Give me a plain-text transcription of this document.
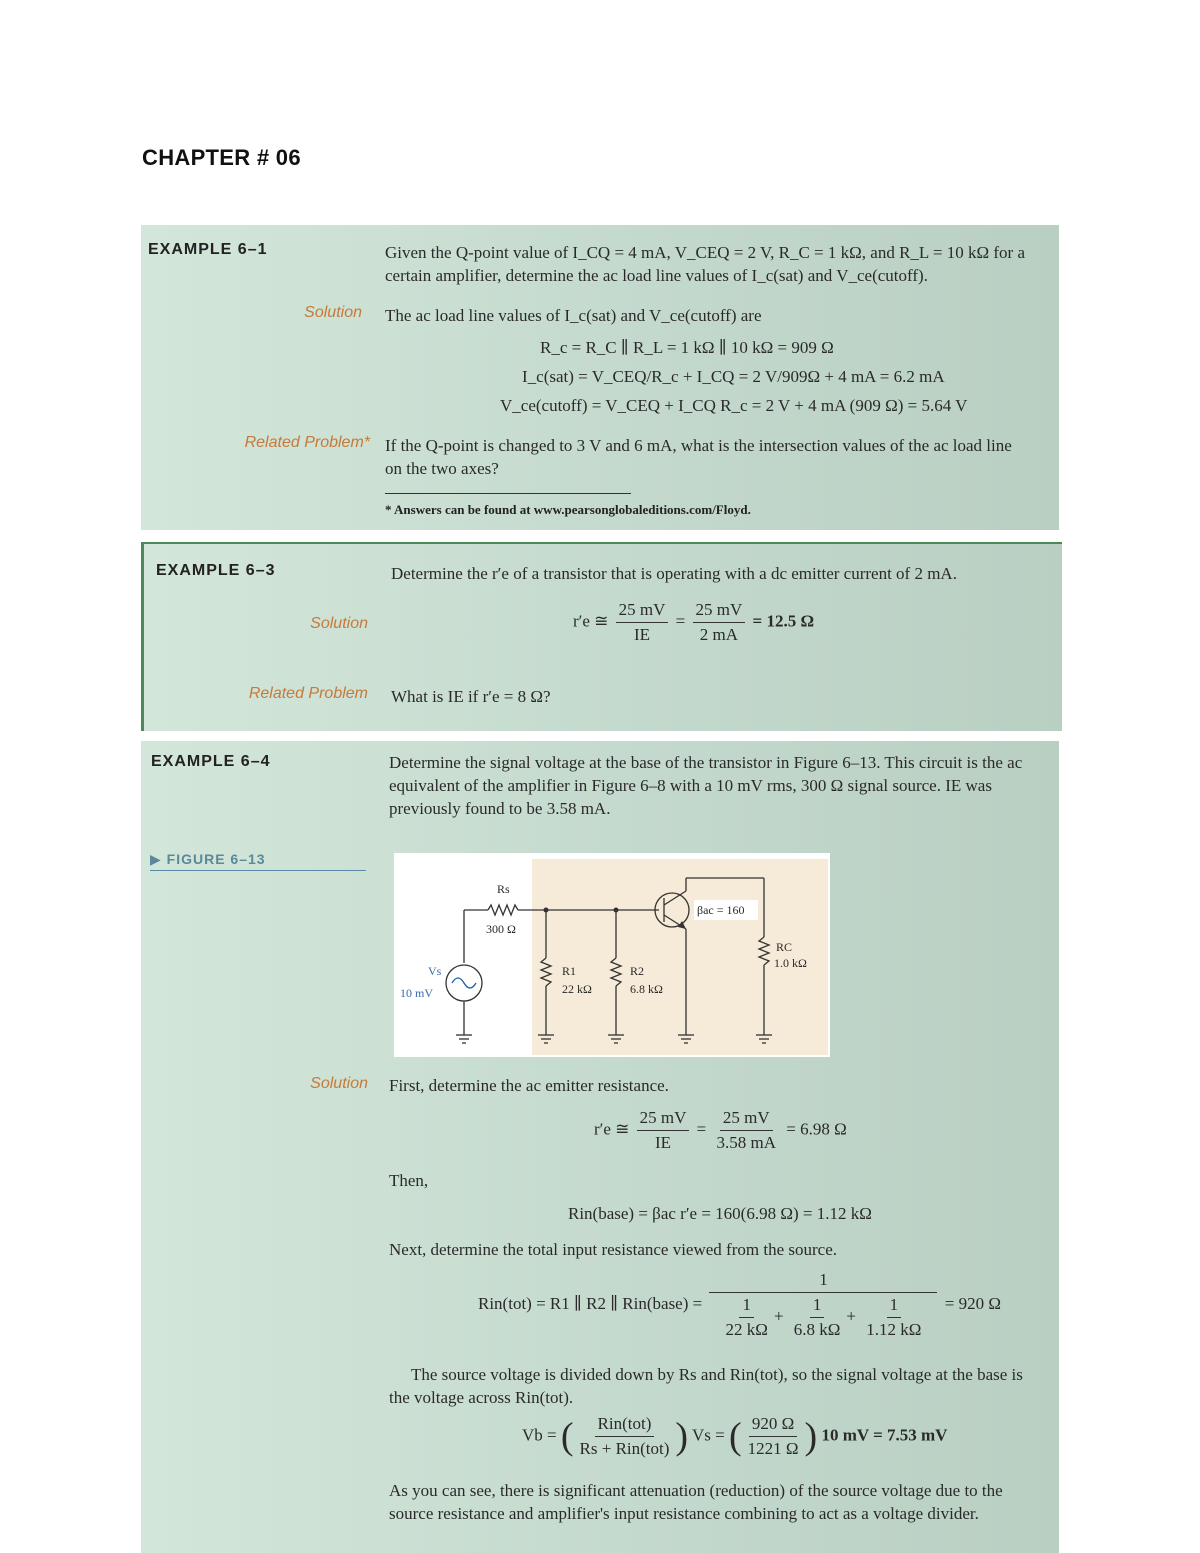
CHAPTER # 06
EXAMPLE 6–1	Given the Q-point value of I_CQ = 4 mA, V_CEQ = 2 V, R_C = 1 kΩ, and R_L = 10 kΩ for a certain amplifier, determine the ac load line values of I_c(sat) and V_ce(cutoff).
Solution The ac load line values of I_c(sat) and V_ce(cutoff) are
R_c = R_C ∥ R_L = 1 kΩ ∥ 10 kΩ = 909 Ω
I_c(sat) = V_CEQ/R_c + I_CQ = 2 V/909Ω + 4 mA = 6.2 mA
V_ce(cutoff) = V_CEQ + I_CQ R_c = 2 V + 4 mA (909 Ω) = 5.64 V
Related Problem* If the Q-point is changed to 3 V and 6 mA, what is the intersection values of the ac load line on the two axes?
* Answers can be found at www.pearsonglobaleditions.com/Floyd.
EXAMPLE 6–3	Determine the r′e of a transistor that is operating with a dc emitter current of 2 mA.
Solution	r′e ≅ $\frac{25 mV}{IE} = \frac{25 mV}{2 mA} = 12.5$ Ω
Related Problem What is IE if r′e = 8 Ω?
EXAMPLE 6–4	Determine the signal voltage at the base of the transistor in Figure 6–13. This circuit is the ac equivalent of the amplifier in Figure 6–8 with a 10 mV rms, 300 Ω signal source. IE was previously found to be 3.58 mA.
▶ FIGURE 6–13
Rs
300 Ω
Vs
10 mV
R1
22 kΩ
R2
6.8 kΩ
βac = 160
RC
1.0 kΩ
Solution First, determine the ac emitter resistance.
r′e ≅ $\frac{25 mV}{IE} = \frac{25 mV}{3.58 mA} = 6.98$ Ω
Then,
Rin(base) = βac r′e = 160(6.98 Ω) = 1.12 kΩ
Next, determine the total input resistance viewed from the source.
Rin(tot) = R1 ∥ R2 ∥ Rin(base) = $\frac{1}{\frac{1}{22 k\Omega} + \frac{1}{6.8 k\Omega} + \frac{1}{1.12 k\Omega}} = 920$ Ω
The source voltage is divided down by Rs and Rin(tot), so the signal voltage at the base is the voltage across Rin(tot).
Vb = ( $\frac{\text{Rin(tot)}}{\text{Rs + Rin(tot)}}$ ) Vs = ( $\frac{920 \Omega}{1221 \Omega}$ ) 10 mV = 7.53 mV
As you can see, there is significant attenuation (reduction) of the source voltage due to the source resistance and amplifier's input resistance combining to act as a voltage divider.
